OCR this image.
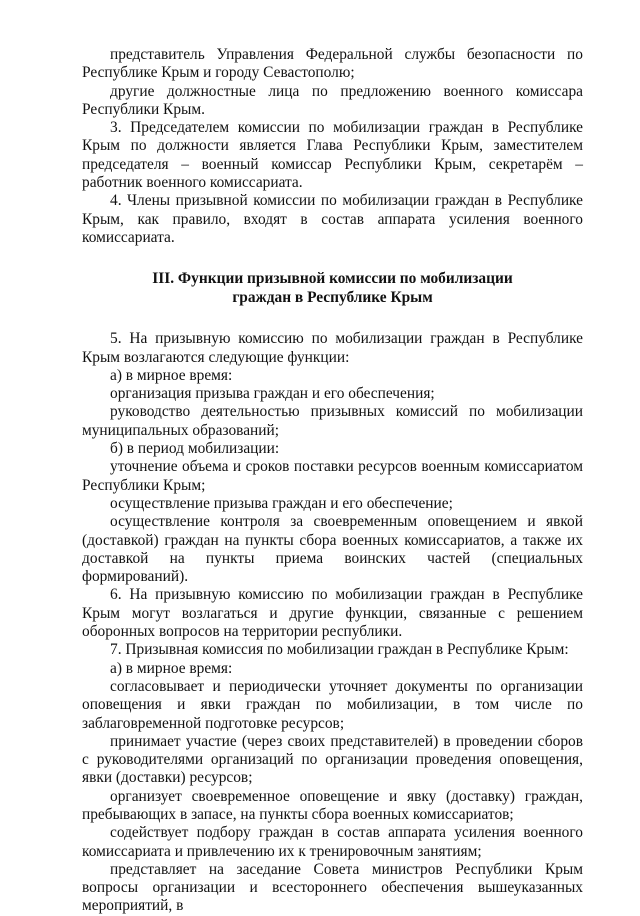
представитель Управления Федеральной службы безопасности по Республике Крым и городу Севастополю;

другие должностные лица по предложению военного комиссара Республики Крым.

3. Председателем комиссии по мобилизации граждан в Республике Крым по должности является Глава Республики Крым, заместителем председателя – военный комиссар Республики Крым, секретарём – работник военного комиссариата.

4. Члены призывной комиссии по мобилизации граждан в Республике Крым, как правило, входят в состав аппарата усиления военного комиссариата.

III. Функции призывной комиссии по мобилизации
граждан в Республике Крым

5. На призывную комиссию по мобилизации граждан в Республике Крым возлагаются следующие функции:

а) в мирное время:

организация призыва граждан и его обеспечения;

руководство деятельностью призывных комиссий по мобилизации муниципальных образований;

б) в период мобилизации:

уточнение объема и сроков поставки ресурсов военным комиссариатом Республики Крым;

осуществление призыва граждан и его обеспечение;

осуществление контроля за своевременным оповещением и явкой (доставкой) граждан на пункты сбора военных комиссариатов, а также их доставкой на пункты приема воинских частей (специальных формирований).

6. На призывную комиссию по мобилизации граждан в Республике Крым могут возлагаться и другие функции, связанные с решением оборонных вопросов на территории республики.

7. Призывная комиссия по мобилизации граждан в Республике Крым:

а) в мирное время:

согласовывает и периодически уточняет документы по организации оповещения и явки граждан по мобилизации, в том числе по заблаговременной подготовке ресурсов;

принимает участие (через своих представителей) в проведении сборов с руководителями организаций по организации проведения оповещения, явки (доставки) ресурсов;

организует своевременное оповещение и явку (доставку) граждан, пребывающих в запасе, на пункты сбора военных комиссариатов;

содействует подбору граждан в состав аппарата усиления военного комиссариата и привлечению их к тренировочным занятиям;

представляет на заседание Совета министров Республики Крым вопросы организации и всестороннего обеспечения вышеуказанных мероприятий, в
